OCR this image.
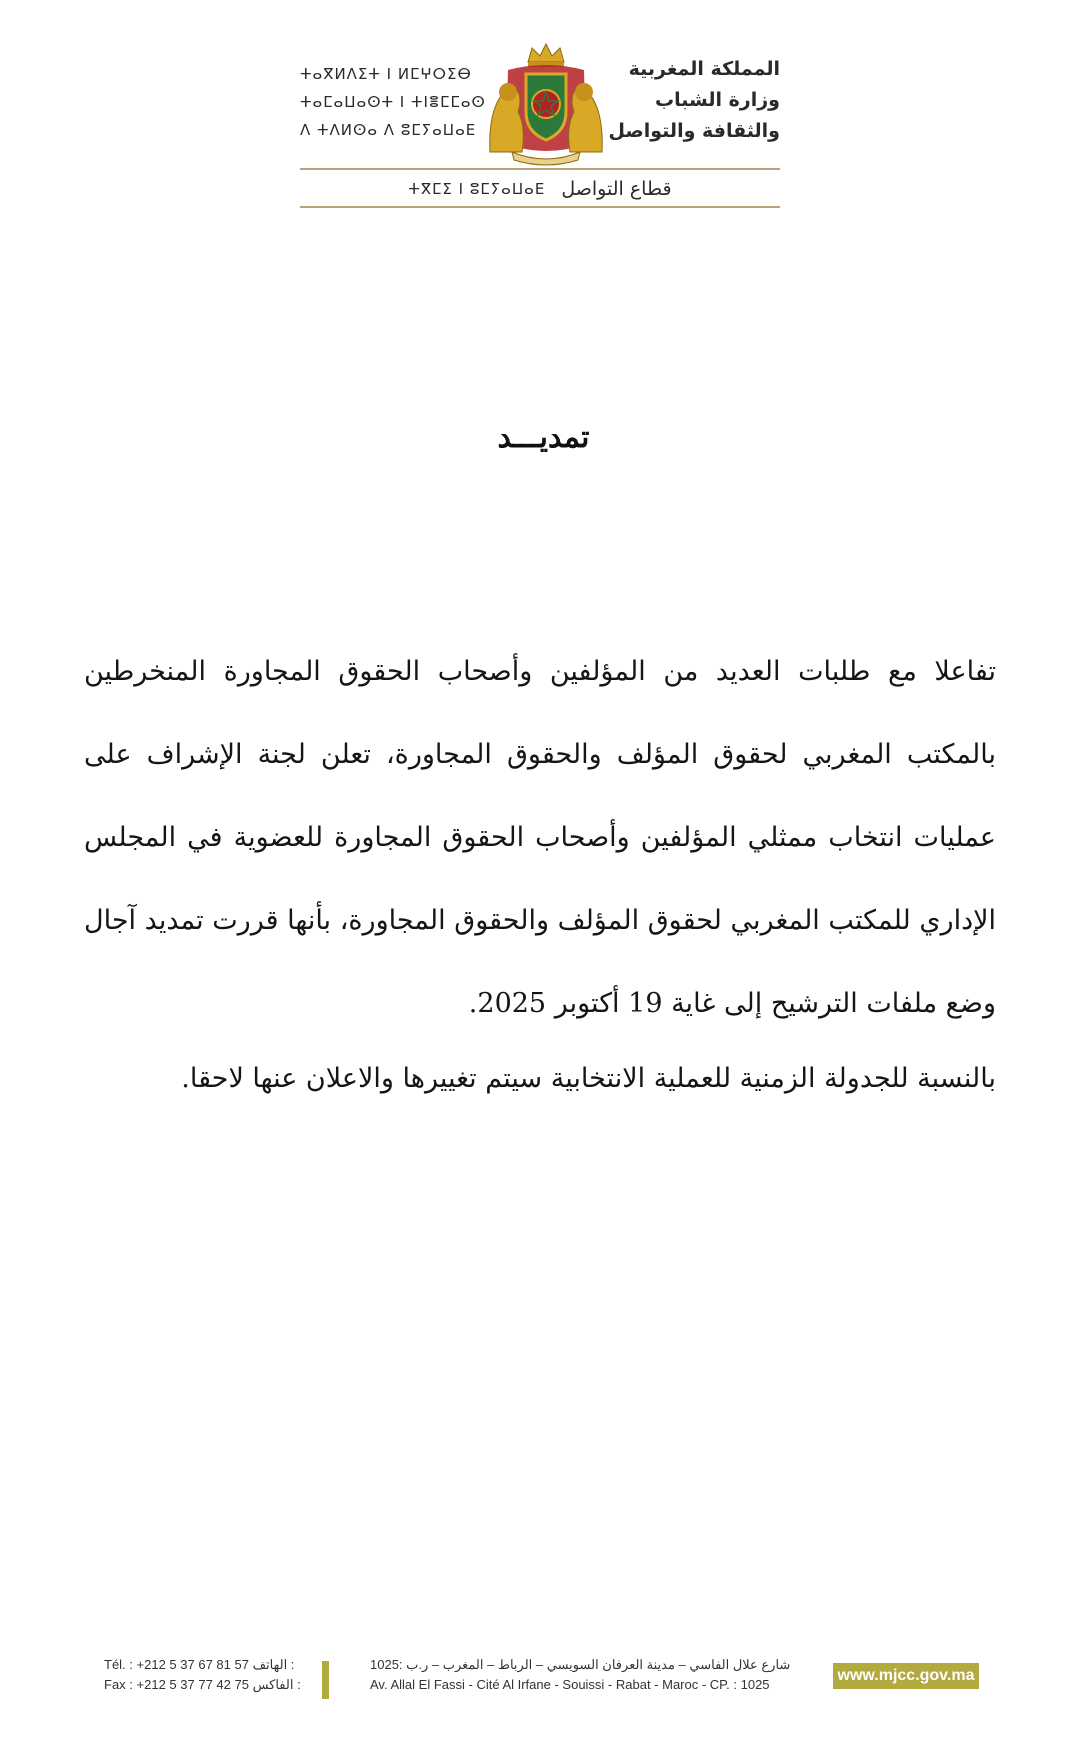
ⵜⴰⴳⵍⴷⵉⵜ ⵏ ⵍⵎⵖⵔⵉⴱ
ⵜⴰⵎⴰⵡⴰⵙⵜ ⵏ ⵜⵏⴻⵎⵎⴰⵙ
ⴷ ⵜⴷⵍⵙⴰ ⴷ ⵓⵎⵢⴰⵡⴰⴹ
المملكة المغربية
وزارة الشباب
والثقافة والتواصل
ⵜⴳⵎⵉ ⵏ ⵓⵎⵢⴰⵡⴰⴹ قطاع التواصل
تمديـــد

تفاعلا مع طلبات العديد من المؤلفين وأصحاب الحقوق المجاورة المنخرطين بالمكتب المغربي لحقوق المؤلف والحقوق المجاورة، تعلن لجنة الإشراف على عمليات انتخاب ممثلي المؤلفين وأصحاب الحقوق المجاورة للعضوية في المجلس الإداري للمكتب المغربي لحقوق المؤلف والحقوق المجاورة، بأنها قررت تمديد آجال وضع ملفات الترشيح إلى غاية 19 أكتوبر 2025.

بالنسبة للجدولة الزمنية للعملية الانتخابية سيتم تغييرها والاعلان عنها لاحقا.

Tél. : +212 5 37 67 81 57 : الهاتف
Fax : +212 5 37 77 42 75 : الفاكس
شارع علال الفاسي – مدينة العرفان السويسي – الرباط – المغرب – ر.ب :1025
Av. Allal El Fassi - Cité Al Irfane - Souissi - Rabat - Maroc - CP. : 1025
www.mjcc.gov.ma
